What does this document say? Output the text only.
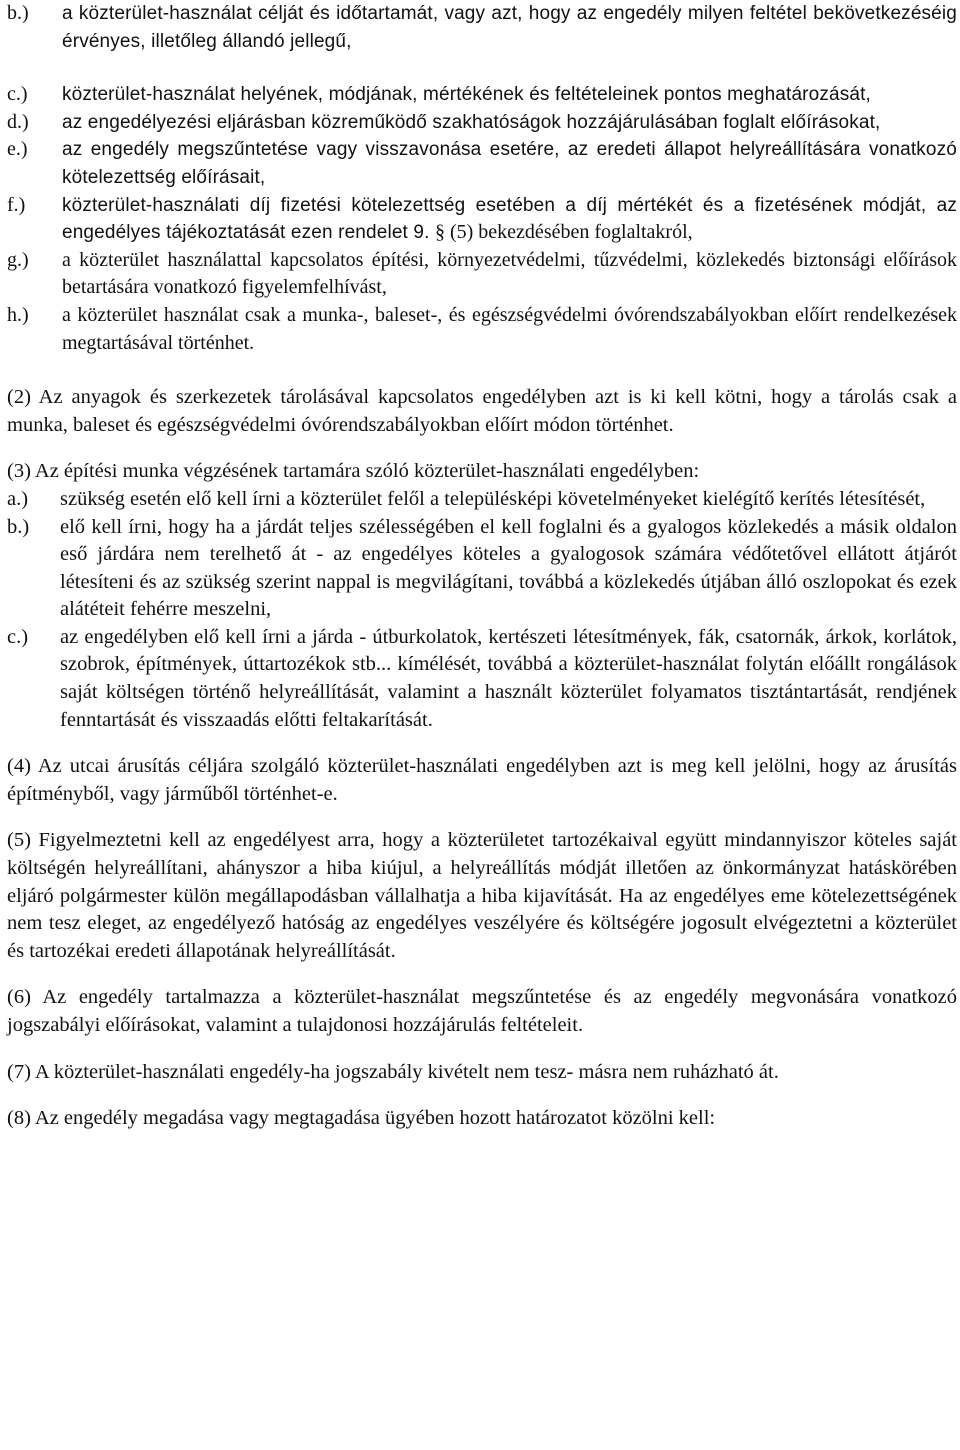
b.)	a közterület-használat célját és időtartamát, vagy azt, hogy az engedély milyen feltétel bekövetkezéséig érvényes, illetőleg állandó jellegű,
c.)	közterület-használat helyének, módjának, mértékének és feltételeinek pontos meghatározását,
d.)	az engedélyezési eljárásban közreműködő szakhatóságok hozzájárulásában foglalt előírásokat,
e.)	az engedély megszűntetése vagy visszavonása esetére, az eredeti állapot helyreállítására vonatkozó kötelezettség előírásait,
f.)	közterület-használati díj fizetési kötelezettség esetében a díj mértékét és a fizetésének módját, az engedélyes tájékoztatását ezen rendelet 9. § (5) bekezdésében foglaltakról,
g.)	a közterület használattal kapcsolatos építési, környezetvédelmi, tűzvédelmi, közlekedés biztonsági előírások betartására vonatkozó figyelemfelhívást,
h.)	a közterület használat csak a munka-, baleset-, és egészségvédelmi óvórendszabályokban előírt rendelkezések megtartásával történhet.

(2) Az anyagok és szerkezetek tárolásával kapcsolatos engedélyben azt is ki kell kötni, hogy a tárolás csak a munka, baleset és egészségvédelmi óvórendszabályokban előírt módon történhet.

(3) Az építési munka végzésének tartamára szóló közterület-használati engedélyben:

a.)	szükség esetén elő kell írni a közterület felől a településképi követelményeket kielégítő kerítés létesítését,
b.)	elő kell írni, hogy ha a járdát teljes szélességében el kell foglalni és a gyalogos közlekedés a másik oldalon eső járdára nem terelhető át - az engedélyes köteles a gyalogosok számára védőtetővel ellátott átjárót létesíteni és az szükség szerint nappal is megvilágítani, továbbá a közlekedés útjában álló oszlopokat és ezek alátéteit fehérre meszelni,
c.)	az engedélyben elő kell írni a járda - útburkolatok, kertészeti létesítmények, fák, csatornák, árkok, korlátok, szobrok, építmények, úttartozékok stb... kímélését, továbbá a közterület-használat folytán előállt rongálások saját költségen történő helyreállítását, valamint a használt közterület folyamatos tisztántartását, rendjének fenntartását és visszaadás előtti feltakarítását.

(4) Az utcai árusítás céljára szolgáló közterület-használati engedélyben azt is meg kell jelölni, hogy az árusítás építményből, vagy járműből történhet-e.

(5) Figyelmeztetni kell az engedélyest arra, hogy a közterületet tartozékaival együtt mindannyiszor köteles saját költségén helyreállítani, ahányszor a hiba kiújul, a helyreállítás módját illetően az önkormányzat hatáskörében eljáró polgármester külön megállapodásban vállalhatja a hiba kijavítását. Ha az engedélyes eme kötelezettségének nem tesz eleget, az engedélyező hatóság az engedélyes veszélyére és költségére jogosult elvégeztetni a közterület és tartozékai eredeti állapotának helyreállítását.

(6) Az engedély tartalmazza a közterület-használat megszűntetése és az engedély megvonására vonatkozó jogszabályi előírásokat, valamint a tulajdonosi hozzájárulás feltételeit.

(7) A közterület-használati engedély-ha jogszabály kivételt nem tesz- másra nem ruházható át.

(8) Az engedély megadása vagy megtagadása ügyében hozott határozatot közölni kell:
